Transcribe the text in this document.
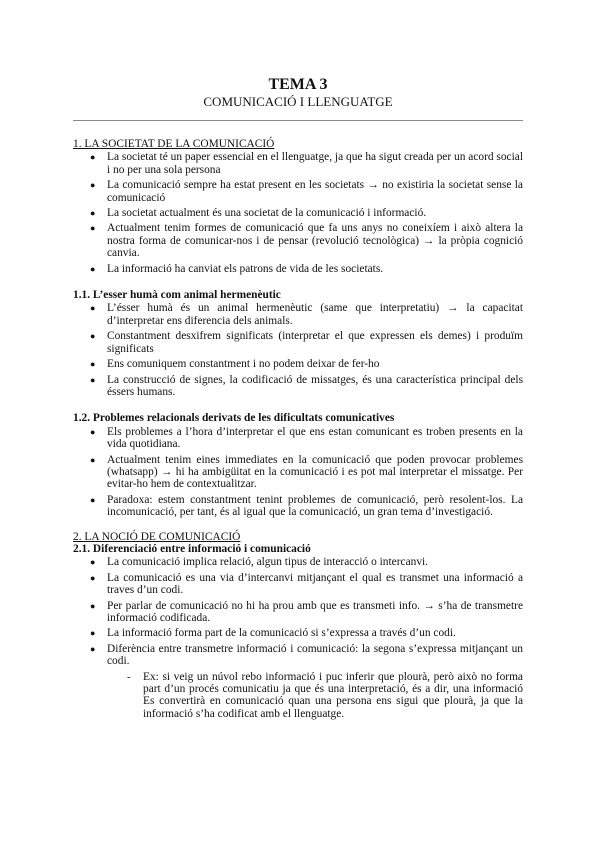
TEMA 3

COMUNICACIÓ I LLENGUATGE

1. LA SOCIETAT DE LA COMUNICACIÓ
● La societat té un paper essencial en el llenguatge, ja que ha sigut creada per un acord social i no per una sola persona
● La comunicació sempre ha estat present en les societats → no existiria la societat sense la comunicació
● La societat actualment és una societat de la comunicació i informació.
● Actualment tenim formes de comunicació que fa uns anys no coneixíem i això altera la nostra forma de comunicar-nos i de pensar (revolució tecnològica) → la pròpia cognició canvia.
● La informació ha canviat els patrons de vida de les societats.
1.1. L’esser humà com animal hermenèutic
● L’ésser humà és un animal hermenèutic (same que interpretatiu) → la capacitat d’interpretar ens diferencia dels animals.
● Constantment desxifrem significats (interpretar el que expressen els demes) i produïm significats
● Ens comuniquem constantment i no podem deixar de fer-ho
● La construcció de signes, la codificació de missatges, és una característica principal dels éssers humans.
1.2. Problemes relacionals derivats de les dificultats comunicatives
● Els problemes a l’hora d’interpretar el que ens estan comunicant es troben presents en la vida quotidiana.
● Actualment tenim eines immediates en la comunicació que poden provocar problemes (whatsapp) → hi ha ambigüitat en la comunicació i es pot mal interpretar el missatge. Per evitar-ho hem de contextualitzar.
● Paradoxa: estem constantment tenint problemes de comunicació, però resolent-los. La incomunicació, per tant, és al igual que la comunicació, un gran tema d’investigació.
2. LA NOCIÓ DE COMUNICACIÓ
2.1. Diferenciació entre informació i comunicació
● La comunicació implica relació, algun tipus de interacció o intercanvi.
● La comunicació es una via d’intercanvi mitjançant el qual es transmet una informació a traves d’un codi.
● Per parlar de comunicació no hi ha prou amb que es transmeti info. → s’ha de transmetre informació codificada.
● La informació forma part de la comunicació si s’expressa a través d’un codi.
● Diferència entre transmetre informació i comunicació: la segona s’expressa mitjançant un codi.
- Ex: si veig un núvol rebo informació i puc inferir que plourà, però això no forma part d’un procés comunicatiu ja que és una interpretació, és a dir, una informació Es convertirà en comunicació quan una persona ens sigui que plourà, ja que la informació s’ha codificat amb el llenguatge.
